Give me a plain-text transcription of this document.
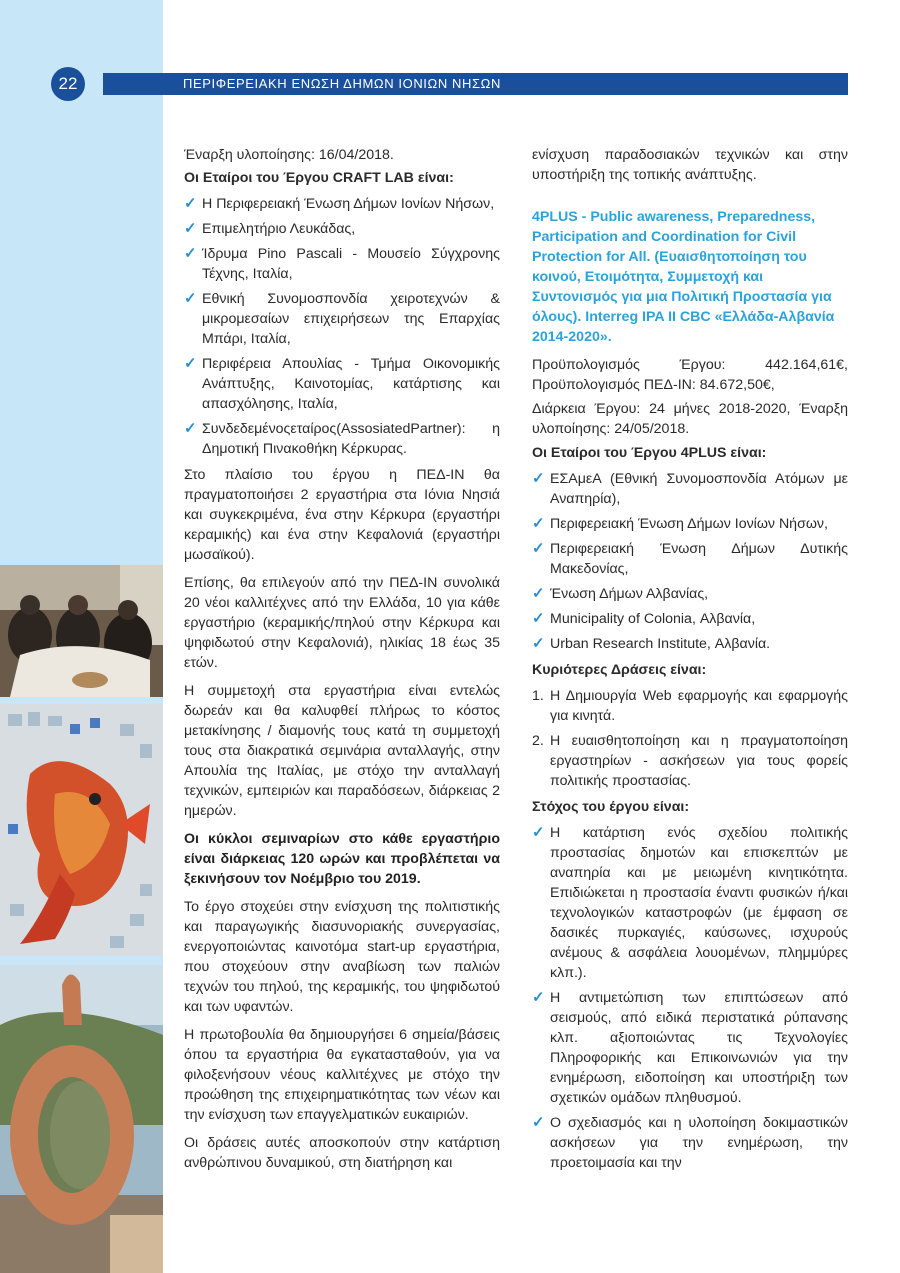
22	ΠΕΡΙΦΕΡΕΙΑΚΗ ΕΝΩΣΗ ΔΗΜΩΝ ΙΟΝΙΩΝ ΝΗΣΩΝ

Έναρξη υλοποίησης: 16/04/2018.

Οι Εταίροι του Έργου CRAFT LAB είναι:
✓ Η Περιφερειακή Ένωση Δήμων Ιονίων Νήσων,
✓ Επιμελητήριο Λευκάδας,
✓ Ίδρυμα Pino Pascali - Μουσείο Σύγχρονης Τέχνης, Ιταλία,
✓ Εθνική Συνομοσπονδία χειροτεχνών & μικρομεσαίων επιχειρήσεων της Επαρχίας Μπάρι, Ιταλία,
✓ Περιφέρεια Απουλίας - Τμήμα Οικονομικής Ανάπτυξης, Καινοτομίας, κατάρτισης και απασχόλησης, Ιταλία,
✓ Συνδεδεμένοςεταίρος(AssosiatedPartner): η Δημοτική Πινακοθήκη Κέρκυρας.

Στο πλαίσιο του έργου η ΠΕΔ-ΙΝ θα πραγματοποιήσει 2 εργαστήρια στα Ιόνια Νησιά και συγκεκριμένα, ένα στην Κέρκυρα (εργαστήρι κεραμικής) και ένα στην Κεφαλονιά (εργαστήρι μωσαϊκού).

Επίσης, θα επιλεγούν από την ΠΕΔ-ΙΝ συνολικά 20 νέοι καλλιτέχνες από την Ελλάδα, 10 για κάθε εργαστήριο (κεραμικής/πηλού στην Κέρκυρα και ψηφιδωτού στην Κεφαλονιά), ηλικίας 18 έως 35 ετών.

Η συμμετοχή στα εργαστήρια είναι εντελώς δωρεάν και θα καλυφθεί πλήρως το κόστος μετακίνησης / διαμονής τους κατά τη συμμετοχή τους στα διακρατικά σεμινάρια ανταλλαγής, στην Απουλία της Ιταλίας, με στόχο την ανταλλαγή τεχνικών, εμπειριών και παραδόσεων, διάρκειας 2 ημερών.

Οι κύκλοι σεμιναρίων στο κάθε εργαστήριο είναι διάρκειας 120 ωρών και προβλέπεται να ξεκινήσουν τον Νοέμβριο του 2019.

Το έργο στοχεύει στην ενίσχυση της πολιτιστικής και παραγωγικής διασυνοριακής συνεργασίας, ενεργοποιώντας καινοτόμα start-up εργαστήρια, που στοχεύουν στην αναβίωση των παλιών τεχνών του πηλού, της κεραμικής, του ψηφιδωτού και των υφαντών.

Η πρωτοβουλία θα δημιουργήσει 6 σημεία/βάσεις όπου τα εργαστήρια θα εγκατασταθούν, για να φιλοξενήσουν νέους καλλιτέχνες με στόχο την προώθηση της επιχειρηματικότητας των νέων και την ενίσχυση των επαγγελματικών ευκαιριών.

Οι δράσεις αυτές αποσκοπούν στην κατάρτιση ανθρώπινου δυναμικού, στη διατήρηση και

ενίσχυση παραδοσιακών τεχνικών και στην υποστήριξη της τοπικής ανάπτυξης.

4PLUS - Public awareness, Preparedness, Participation and Coordination for Civil Protection for All. (Ευαισθητοποίηση του κοινού, Ετοιμότητα, Συμμετοχή και Συντονισμός για μια Πολιτική Προστασία για όλους). Interreg IPA II CBC «Ελλάδα-Αλβανία 2014-2020».

Προϋπολογισμός Έργου: 442.164,61€, Προϋπολογισμός ΠΕΔ-ΙΝ: 84.672,50€,

Διάρκεια Έργου: 24 μήνες 2018-2020, Έναρξη υλοποίησης: 24/05/2018.

Οι Εταίροι του Έργου 4PLUS είναι:
✓ ΕΣΑμεΑ (Εθνική Συνομοσπονδία Ατόμων με Αναπηρία),
✓ Περιφερειακή Ένωση Δήμων Ιονίων Νήσων,
✓ Περιφερειακή Ένωση Δήμων Δυτικής Μακεδονίας,
✓ Ένωση Δήμων Αλβανίας,
✓ Municipality of Colonia, Αλβανία,
✓ Urban Research Institute, Αλβανία.
Κυριότερες Δράσεις είναι:
1. Η Δημιουργία Web εφαρμογής και εφαρμογής για κινητά.
2. Η ευαισθητοποίηση και η πραγματοποίηση εργαστηρίων - ασκήσεων για τους φορείς πολιτικής προστασίας.
Στόχος του έργου είναι:
✓ Η κατάρτιση ενός σχεδίου πολιτικής προστασίας δημοτών και επισκεπτών με αναπηρία και με μειωμένη κινητικότητα. Επιδιώκεται η προστασία έναντι φυσικών ή/και τεχνολογικών καταστροφών (με έμφαση σε δασικές πυρκαγιές, καύσωνες, ισχυρούς ανέμους & ασφάλεια λουομένων, πλημμύρες κλπ.).
✓ Η αντιμετώπιση των επιπτώσεων από σεισμούς, από ειδικά περιστατικά ρύπανσης κλπ. αξιοποιώντας τις Τεχνολογίες Πληροφορικής και Επικοινωνιών για την ενημέρωση, ειδοποίηση και υποστήριξη των σχετικών ομάδων πληθυσμού.
✓ Ο σχεδιασμός και η υλοποίηση δοκιμαστικών ασκήσεων για την ενημέρωση, την προετοιμασία και την
